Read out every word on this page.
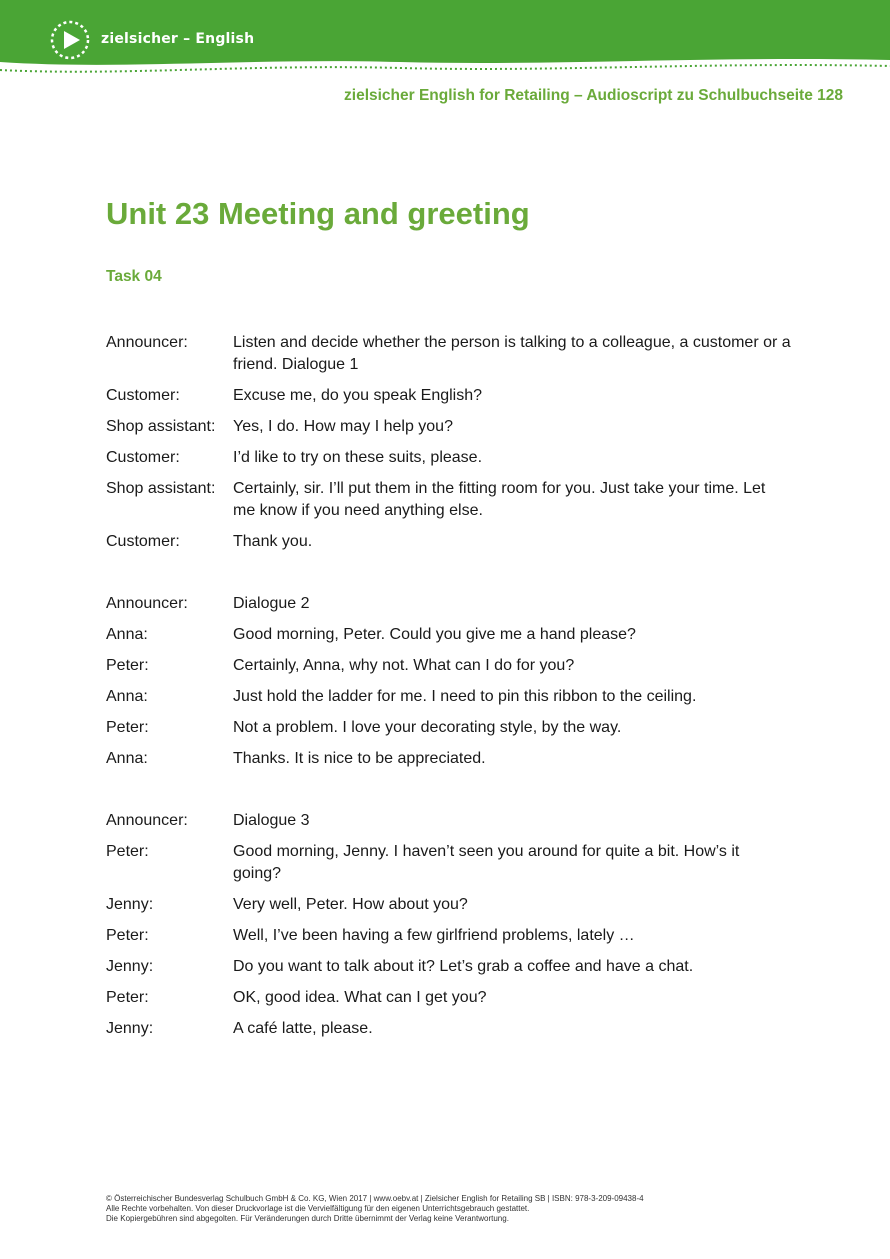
zielsicher – English
zielsicher English for Retailing – Audioscript zu Schulbuchseite 128
Unit 23 Meeting and greeting
Task 04
Announcer:	Listen and decide whether the person is talking to a colleague, a customer or a friend. Dialogue 1
Customer:	Excuse me, do you speak English?
Shop assistant:	Yes, I do. How may I help you?
Customer:	I’d like to try on these suits, please.
Shop assistant:	Certainly, sir. I’ll put them in the fitting room for you. Just take your time. Let me know if you need anything else.
Customer:	Thank you.
Announcer:	Dialogue 2
Anna:	Good morning, Peter. Could you give me a hand please?
Peter:	Certainly, Anna, why not. What can I do for you?
Anna:	Just hold the ladder for me. I need to pin this ribbon to the ceiling.
Peter:	Not a problem. I love your decorating style, by the way.
Anna:	Thanks. It is nice to be appreciated.
Announcer:	Dialogue 3
Peter:	Good morning, Jenny. I haven’t seen you around for quite a bit. How’s it going?
Jenny:	Very well, Peter. How about you?
Peter:	Well, I’ve been having a few girlfriend problems, lately …
Jenny:	Do you want to talk about it? Let’s grab a coffee and have a chat.
Peter:	OK, good idea. What can I get you?
Jenny:	A café latte, please.
© Österreichischer Bundesverlag Schulbuch GmbH & Co. KG, Wien 2017 | www.oebv.at | Zielsicher English for Retailing SB | ISBN: 978-3-209-09438-4
Alle Rechte vorbehalten. Von dieser Druckvorlage ist die Vervielfältigung für den eigenen Unterrichtsgebrauch gestattet.
Die Kopiergebühren sind abgegolten. Für Veränderungen durch Dritte übernimmt der Verlag keine Verantwortung.
